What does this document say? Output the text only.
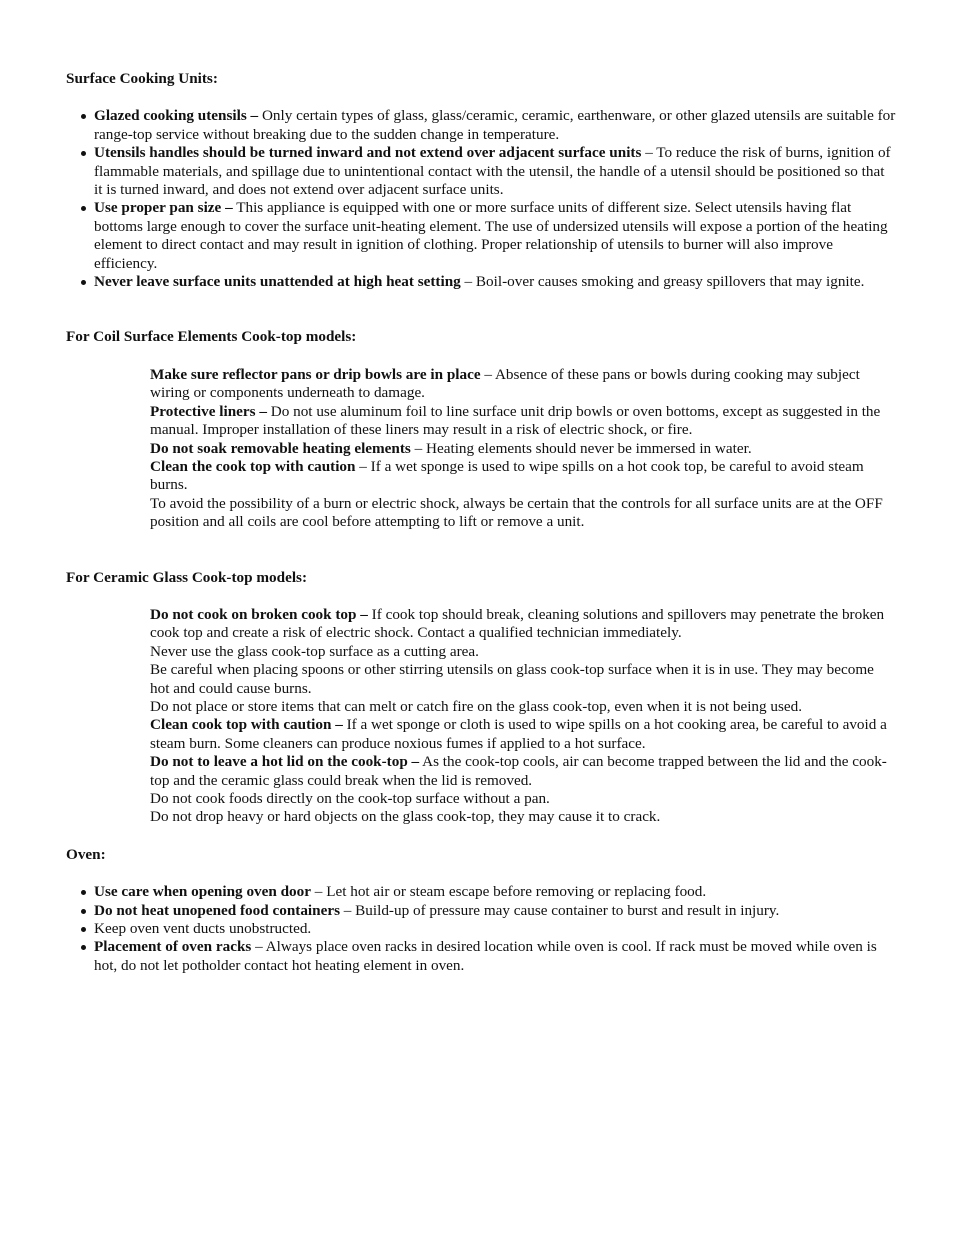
Surface Cooking Units:

Glazed cooking utensils – Only certain types of glass, glass/ceramic, ceramic, earthenware, or other glazed utensils are suitable for range-top service without breaking due to the sudden change in temperature.
Utensils handles should be turned inward and not extend over adjacent surface units – To reduce the risk of burns, ignition of flammable materials, and spillage due to unintentional contact with the utensil, the handle of a utensil should be positioned so that it is turned inward, and does not extend over adjacent surface units.
Use proper pan size – This appliance is equipped with one or more surface units of different size. Select utensils having flat bottoms large enough to cover the surface unit-heating element. The use of undersized utensils will expose a portion of the heating element to direct contact and may result in ignition of clothing. Proper relationship of utensils to burner will also improve efficiency.
Never leave surface units unattended at high heat setting – Boil-over causes smoking and greasy spillovers that may ignite.

For Coil Surface Elements Cook-top models:

Make sure reflector pans or drip bowls are in place – Absence of these pans or bowls during cooking may subject wiring or components underneath to damage.

Protective liners – Do not use aluminum foil to line surface unit drip bowls or oven bottoms, except as suggested in the manual. Improper installation of these liners may result in a risk of electric shock, or fire.

Do not soak removable heating elements – Heating elements should never be immersed in water.

Clean the cook top with caution – If a wet sponge is used to wipe spills on a hot cook top, be careful to avoid steam burns.

To avoid the possibility of a burn or electric shock, always be certain that the controls for all surface units are at the OFF position and all coils are cool before attempting to lift or remove a unit.

For Ceramic Glass Cook-top models:

Do not cook on broken cook top – If cook top should break, cleaning solutions and spillovers may penetrate the broken cook top and create a risk of electric shock. Contact a qualified technician immediately.

Never use the glass cook-top surface as a cutting area.

Be careful when placing spoons or other stirring utensils on glass cook-top surface when it is in use. They may become hot and could cause burns.

Do not place or store items that can melt or catch fire on the glass cook-top, even when it is not being used.

Clean cook top with caution – If a wet sponge or cloth is used to wipe spills on a hot cooking area, be careful to avoid a steam burn. Some cleaners can produce noxious fumes if applied to a hot surface.

Do not to leave a hot lid on the cook-top – As the cook-top cools, air can become trapped between the lid and the cook-top and the ceramic glass could break when the lid is removed.

Do not cook foods directly on the cook-top surface without a pan.

Do not drop heavy or hard objects on the glass cook-top, they may cause it to crack.

Oven:

Use care when opening oven door – Let hot air or steam escape before removing or replacing food.
Do not heat unopened food containers – Build-up of pressure may cause container to burst and result in injury.
Keep oven vent ducts unobstructed.
Placement of oven racks – Always place oven racks in desired location while oven is cool. If rack must be moved while oven is hot, do not let potholder contact hot heating element in oven.
